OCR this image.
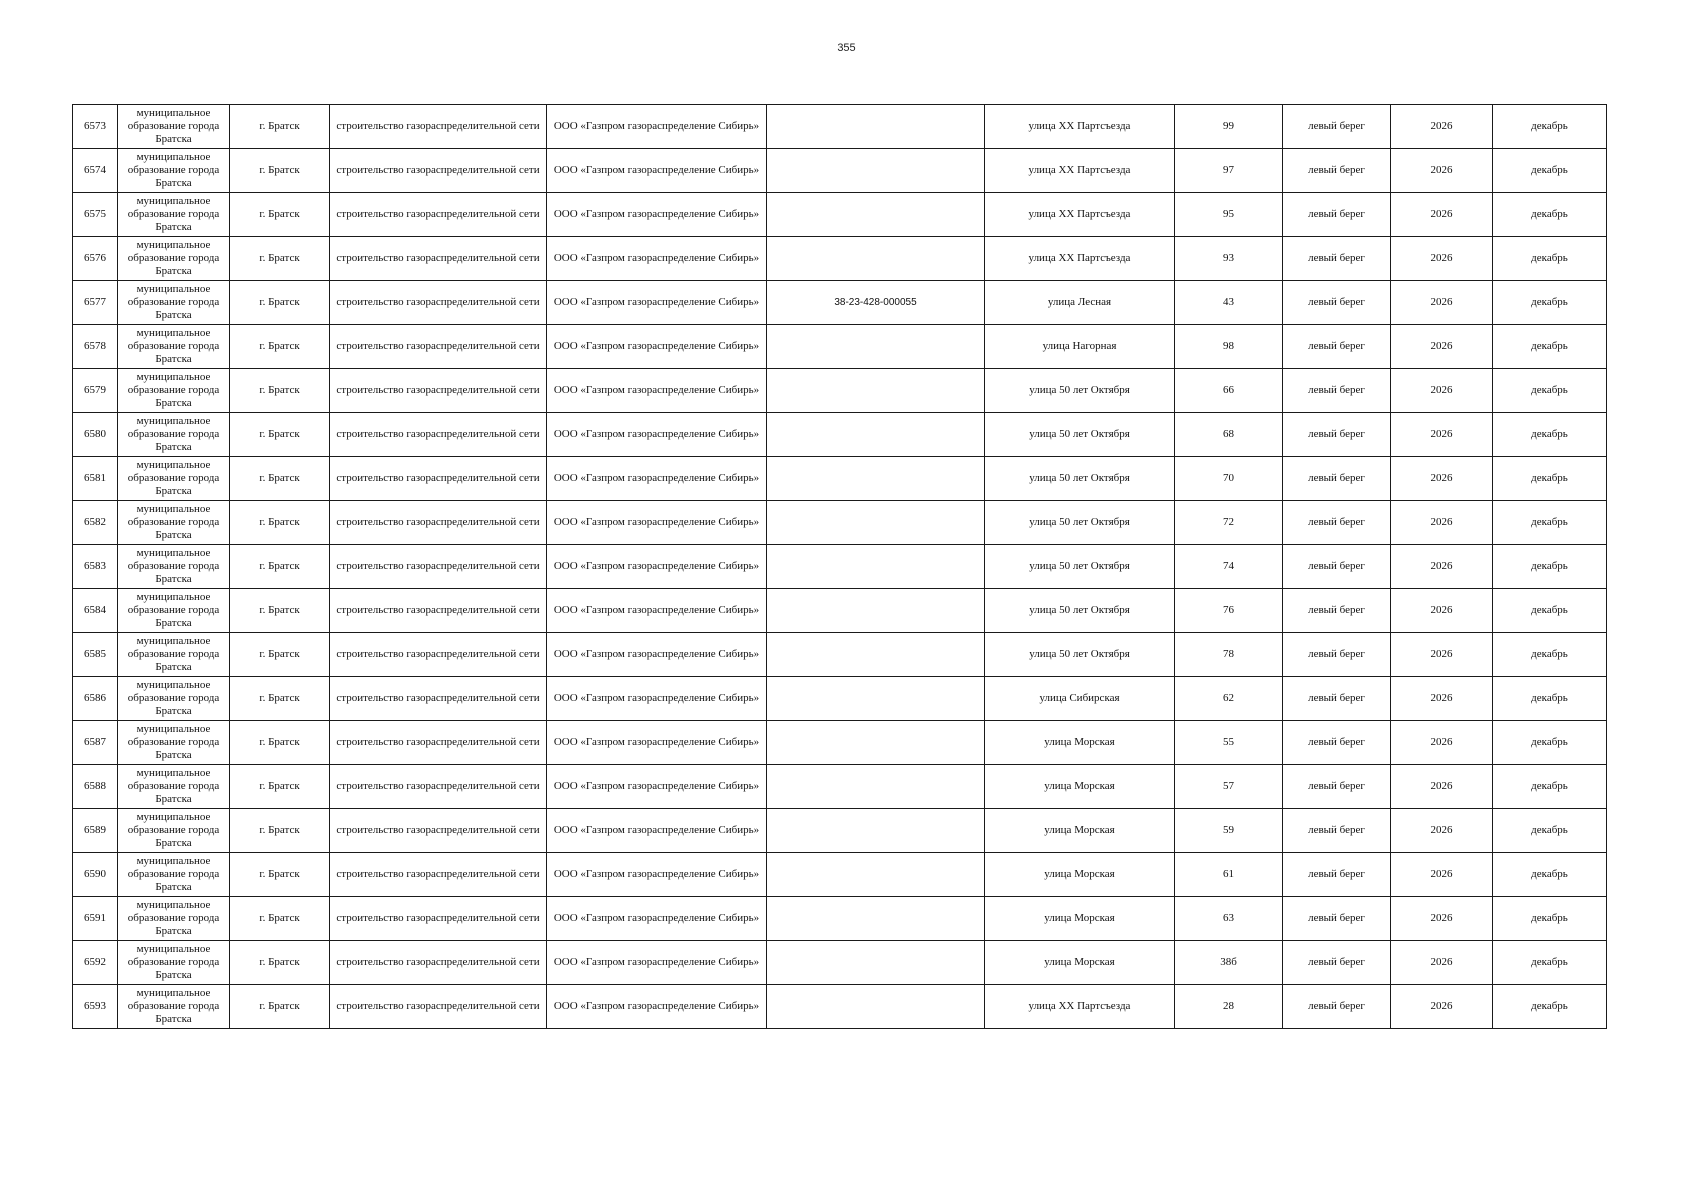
355
6573	муниципальное образование города Братска	г. Братск	строительство газораспределительной сети	ООО «Газпром газораспределение Сибирь»		улица XX Партсъезда	99	левый берег	2026	декабрь
6574	муниципальное образование города Братска	г. Братск	строительство газораспределительной сети	ООО «Газпром газораспределение Сибирь»		улица XX Партсъезда	97	левый берег	2026	декабрь
6575	муниципальное образование города Братска	г. Братск	строительство газораспределительной сети	ООО «Газпром газораспределение Сибирь»		улица XX Партсъезда	95	левый берег	2026	декабрь
6576	муниципальное образование города Братска	г. Братск	строительство газораспределительной сети	ООО «Газпром газораспределение Сибирь»		улица XX Партсъезда	93	левый берег	2026	декабрь
6577	муниципальное образование города Братска	г. Братск	строительство газораспределительной сети	ООО «Газпром газораспределение Сибирь»	38-23-428-000055	улица Лесная	43	левый берег	2026	декабрь
6578	муниципальное образование города Братска	г. Братск	строительство газораспределительной сети	ООО «Газпром газораспределение Сибирь»		улица Нагорная	98	левый берег	2026	декабрь
6579	муниципальное образование города Братска	г. Братск	строительство газораспределительной сети	ООО «Газпром газораспределение Сибирь»		улица 50 лет Октября	66	левый берег	2026	декабрь
6580	муниципальное образование города Братска	г. Братск	строительство газораспределительной сети	ООО «Газпром газораспределение Сибирь»		улица 50 лет Октября	68	левый берег	2026	декабрь
6581	муниципальное образование города Братска	г. Братск	строительство газораспределительной сети	ООО «Газпром газораспределение Сибирь»		улица 50 лет Октября	70	левый берег	2026	декабрь
6582	муниципальное образование города Братска	г. Братск	строительство газораспределительной сети	ООО «Газпром газораспределение Сибирь»		улица 50 лет Октября	72	левый берег	2026	декабрь
6583	муниципальное образование города Братска	г. Братск	строительство газораспределительной сети	ООО «Газпром газораспределение Сибирь»		улица 50 лет Октября	74	левый берег	2026	декабрь
6584	муниципальное образование города Братска	г. Братск	строительство газораспределительной сети	ООО «Газпром газораспределение Сибирь»		улица 50 лет Октября	76	левый берег	2026	декабрь
6585	муниципальное образование города Братска	г. Братск	строительство газораспределительной сети	ООО «Газпром газораспределение Сибирь»		улица 50 лет Октября	78	левый берег	2026	декабрь
6586	муниципальное образование города Братска	г. Братск	строительство газораспределительной сети	ООО «Газпром газораспределение Сибирь»		улица Сибирская	62	левый берег	2026	декабрь
6587	муниципальное образование города Братска	г. Братск	строительство газораспределительной сети	ООО «Газпром газораспределение Сибирь»		улица Морская	55	левый берег	2026	декабрь
6588	муниципальное образование города Братска	г. Братск	строительство газораспределительной сети	ООО «Газпром газораспределение Сибирь»		улица Морская	57	левый берег	2026	декабрь
6589	муниципальное образование города Братска	г. Братск	строительство газораспределительной сети	ООО «Газпром газораспределение Сибирь»		улица Морская	59	левый берег	2026	декабрь
6590	муниципальное образование города Братска	г. Братск	строительство газораспределительной сети	ООО «Газпром газораспределение Сибирь»		улица Морская	61	левый берег	2026	декабрь
6591	муниципальное образование города Братска	г. Братск	строительство газораспределительной сети	ООО «Газпром газораспределение Сибирь»		улица Морская	63	левый берег	2026	декабрь
6592	муниципальное образование города Братска	г. Братск	строительство газораспределительной сети	ООО «Газпром газораспределение Сибирь»		улица Морская	38б	левый берег	2026	декабрь
6593	муниципальное образование города Братска	г. Братск	строительство газораспределительной сети	ООО «Газпром газораспределение Сибирь»		улица XX Партсъезда	28	левый берег	2026	декабрь
